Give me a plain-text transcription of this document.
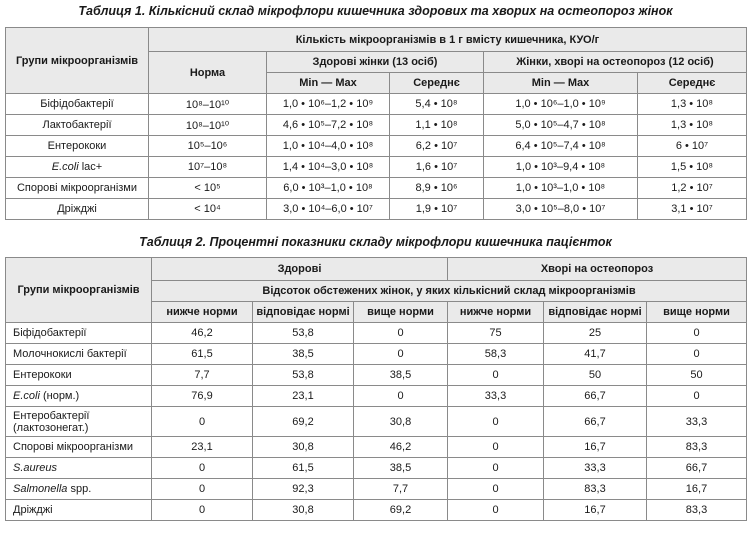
Таблиця 1. Кількісний склад мікрофлори кишечника здорових та хворих на остеопороз жінок
Групи мікроорганізмів	Кількість мікроорганізмів в 1 г вмісту кишечника, КУО/г				
	Норма	Здорові жінки (13 осіб)		Жінки, хворі на остеопороз (12 осіб)	
		Min — Max	Середнє	Min — Max	Середнє
Біфідобактерії	10⁸–10¹⁰	1,0 • 10⁶–1,2 • 10⁹	5,4 • 10⁸	1,0 • 10⁶–1,0 • 10⁹	1,3 • 10⁸
Лактобактерії	10⁸–10¹⁰	4,6 • 10⁵–7,2 • 10⁸	1,1 • 10⁸	5,0 • 10⁵–4,7 • 10⁸	1,3 • 10⁸
Ентерококи	10⁵–10⁶	1,0 • 10⁴–4,0 • 10⁸	6,2 • 10⁷	6,4 • 10⁵–7,4 • 10⁸	6 • 10⁷
E.coli lac+	10⁷–10⁸	1,4 • 10⁴–3,0 • 10⁸	1,6 • 10⁷	1,0 • 10³–9,4 • 10⁸	1,5 • 10⁸
Спорові мікроорганізми	< 10⁵	6,0 • 10³–1,0 • 10⁸	8,9 • 10⁶	1,0 • 10³–1,0 • 10⁸	1,2 • 10⁷
Дріжджі	< 10⁴	3,0 • 10⁴–6,0 • 10⁷	1,9 • 10⁷	3,0 • 10⁵–8,0 • 10⁷	3,1 • 10⁷
Таблиця 2. Процентні показники складу мікрофлори кишечника пацієнток
Групи мікроорганізмів	Здорові			Хворі на остеопороз		
	Відсоток обстежених жінок, у яких кількісний склад мікроорганізмів					
	нижче норми	відповідає нормі	вище норми	нижче норми	відповідає нормі	вище норми
Біфідобактерії	46,2	53,8	0	75	25	0
Молочнокислі бактерії	61,5	38,5	0	58,3	41,7	0
Ентерококи	7,7	53,8	38,5	0	50	50
E.coli (норм.)	76,9	23,1	0	33,3	66,7	0
Ентеробактерії (лактозонегат.)	0	69,2	30,8	0	66,7	33,3
Спорові мікроорганізми	23,1	30,8	46,2	0	16,7	83,3
S.aureus	0	61,5	38,5	0	33,3	66,7
Salmonella spp.	0	92,3	7,7	0	83,3	16,7
Дріжджі	0	30,8	69,2	0	16,7	83,3
